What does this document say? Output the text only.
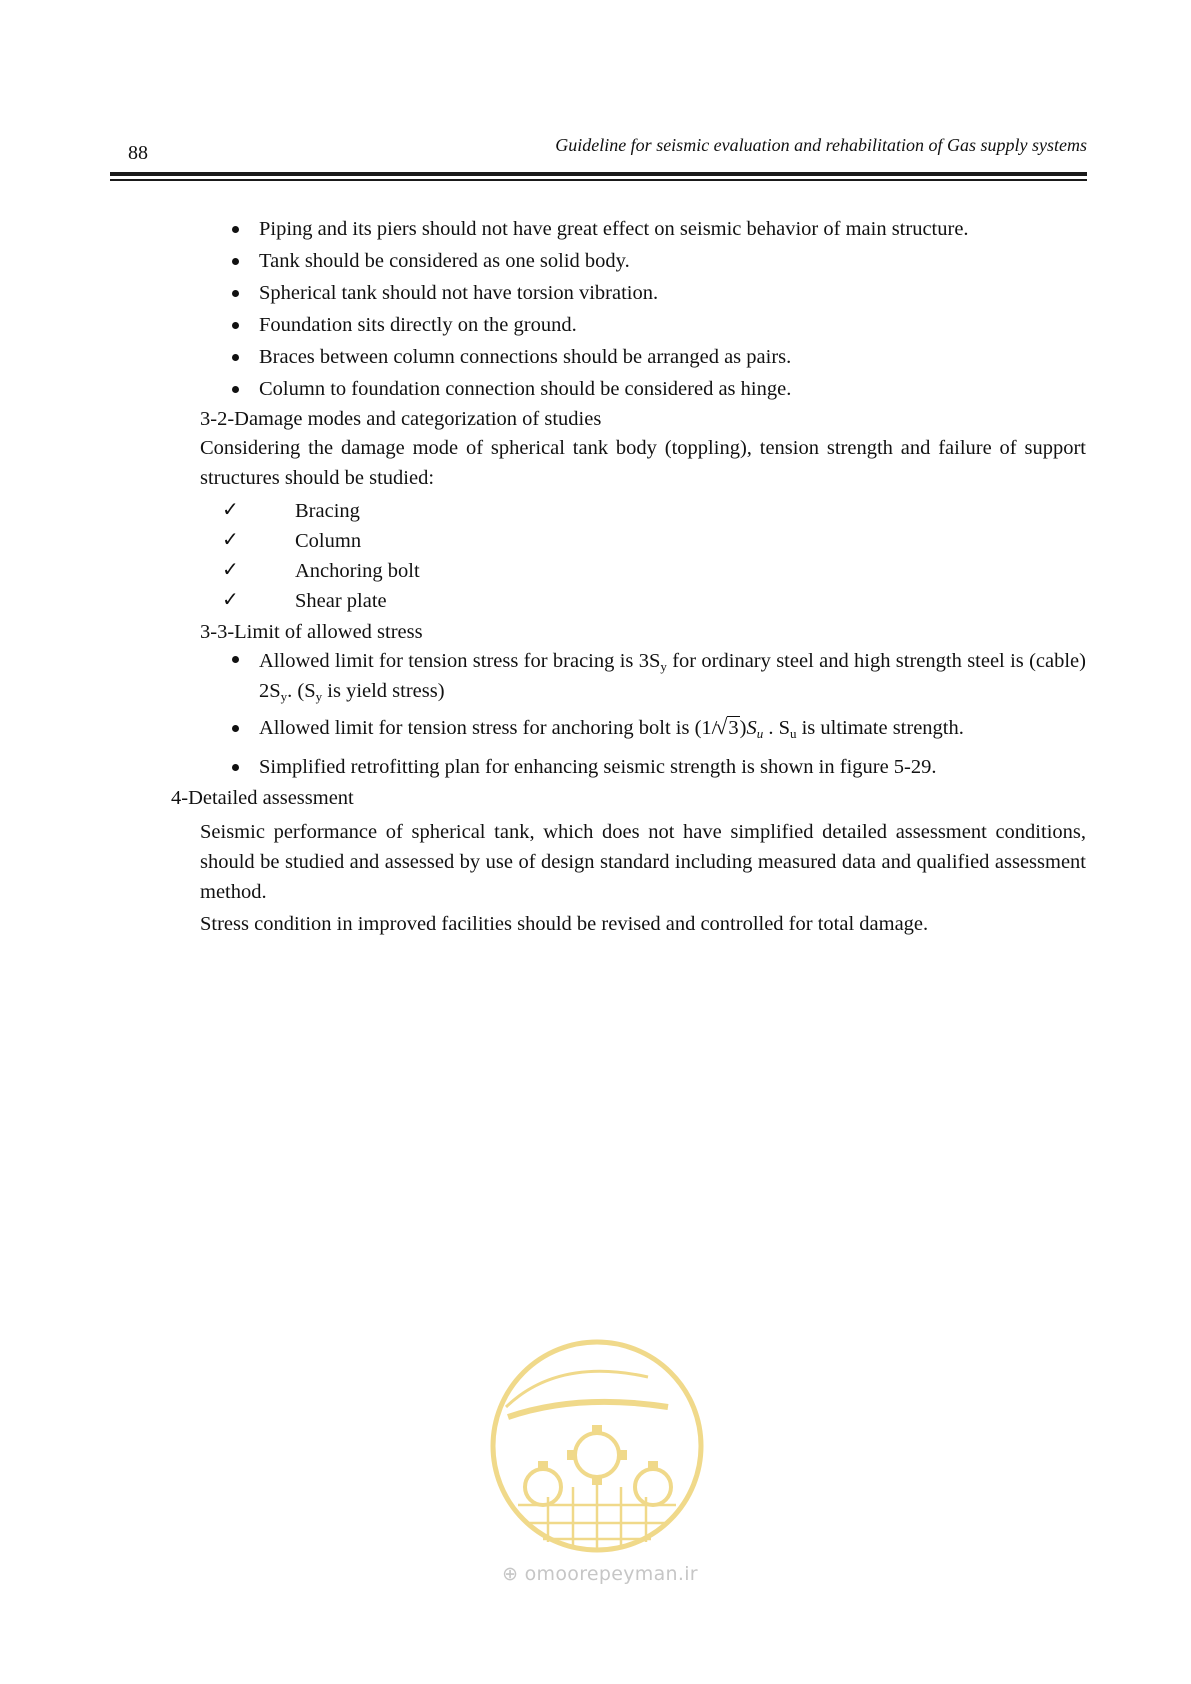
88	Guideline for seismic evaluation and rehabilitation of Gas supply systems
Piping and its piers should not have great effect on seismic behavior of main structure.
Tank should be considered as one solid body.
Spherical tank should not have torsion vibration.
Foundation sits directly on the ground.
Braces between column connections should be arranged as pairs.
Column to foundation connection should be considered as hinge.
3-2-Damage modes and categorization of studies
Considering the damage mode of spherical tank body (toppling), tension strength and failure of support structures should be studied:
✓	Bracing
✓	Column
✓	Anchoring bolt
✓	Shear plate
3-3-Limit of allowed stress
Allowed limit for tension stress for bracing is $3S_y$ for ordinary steel and high strength steel is (cable) $2S_y$. ($S_y$ is yield stress)
Allowed limit for tension stress for anchoring bolt is (1/√ $3)S_u$ . $S_u$ is ultimate strength.
Simplified retrofitting plan for enhancing seismic strength is shown in figure 5-29.
4-Detailed assessment
Seismic performance of spherical tank, which does not have simplified detailed assessment conditions, should be studied and assessed by use of design standard including measured data and qualified assessment method.
Stress condition in improved facilities should be revised and controlled for total damage.
⊕ omoorepeyman.ir
